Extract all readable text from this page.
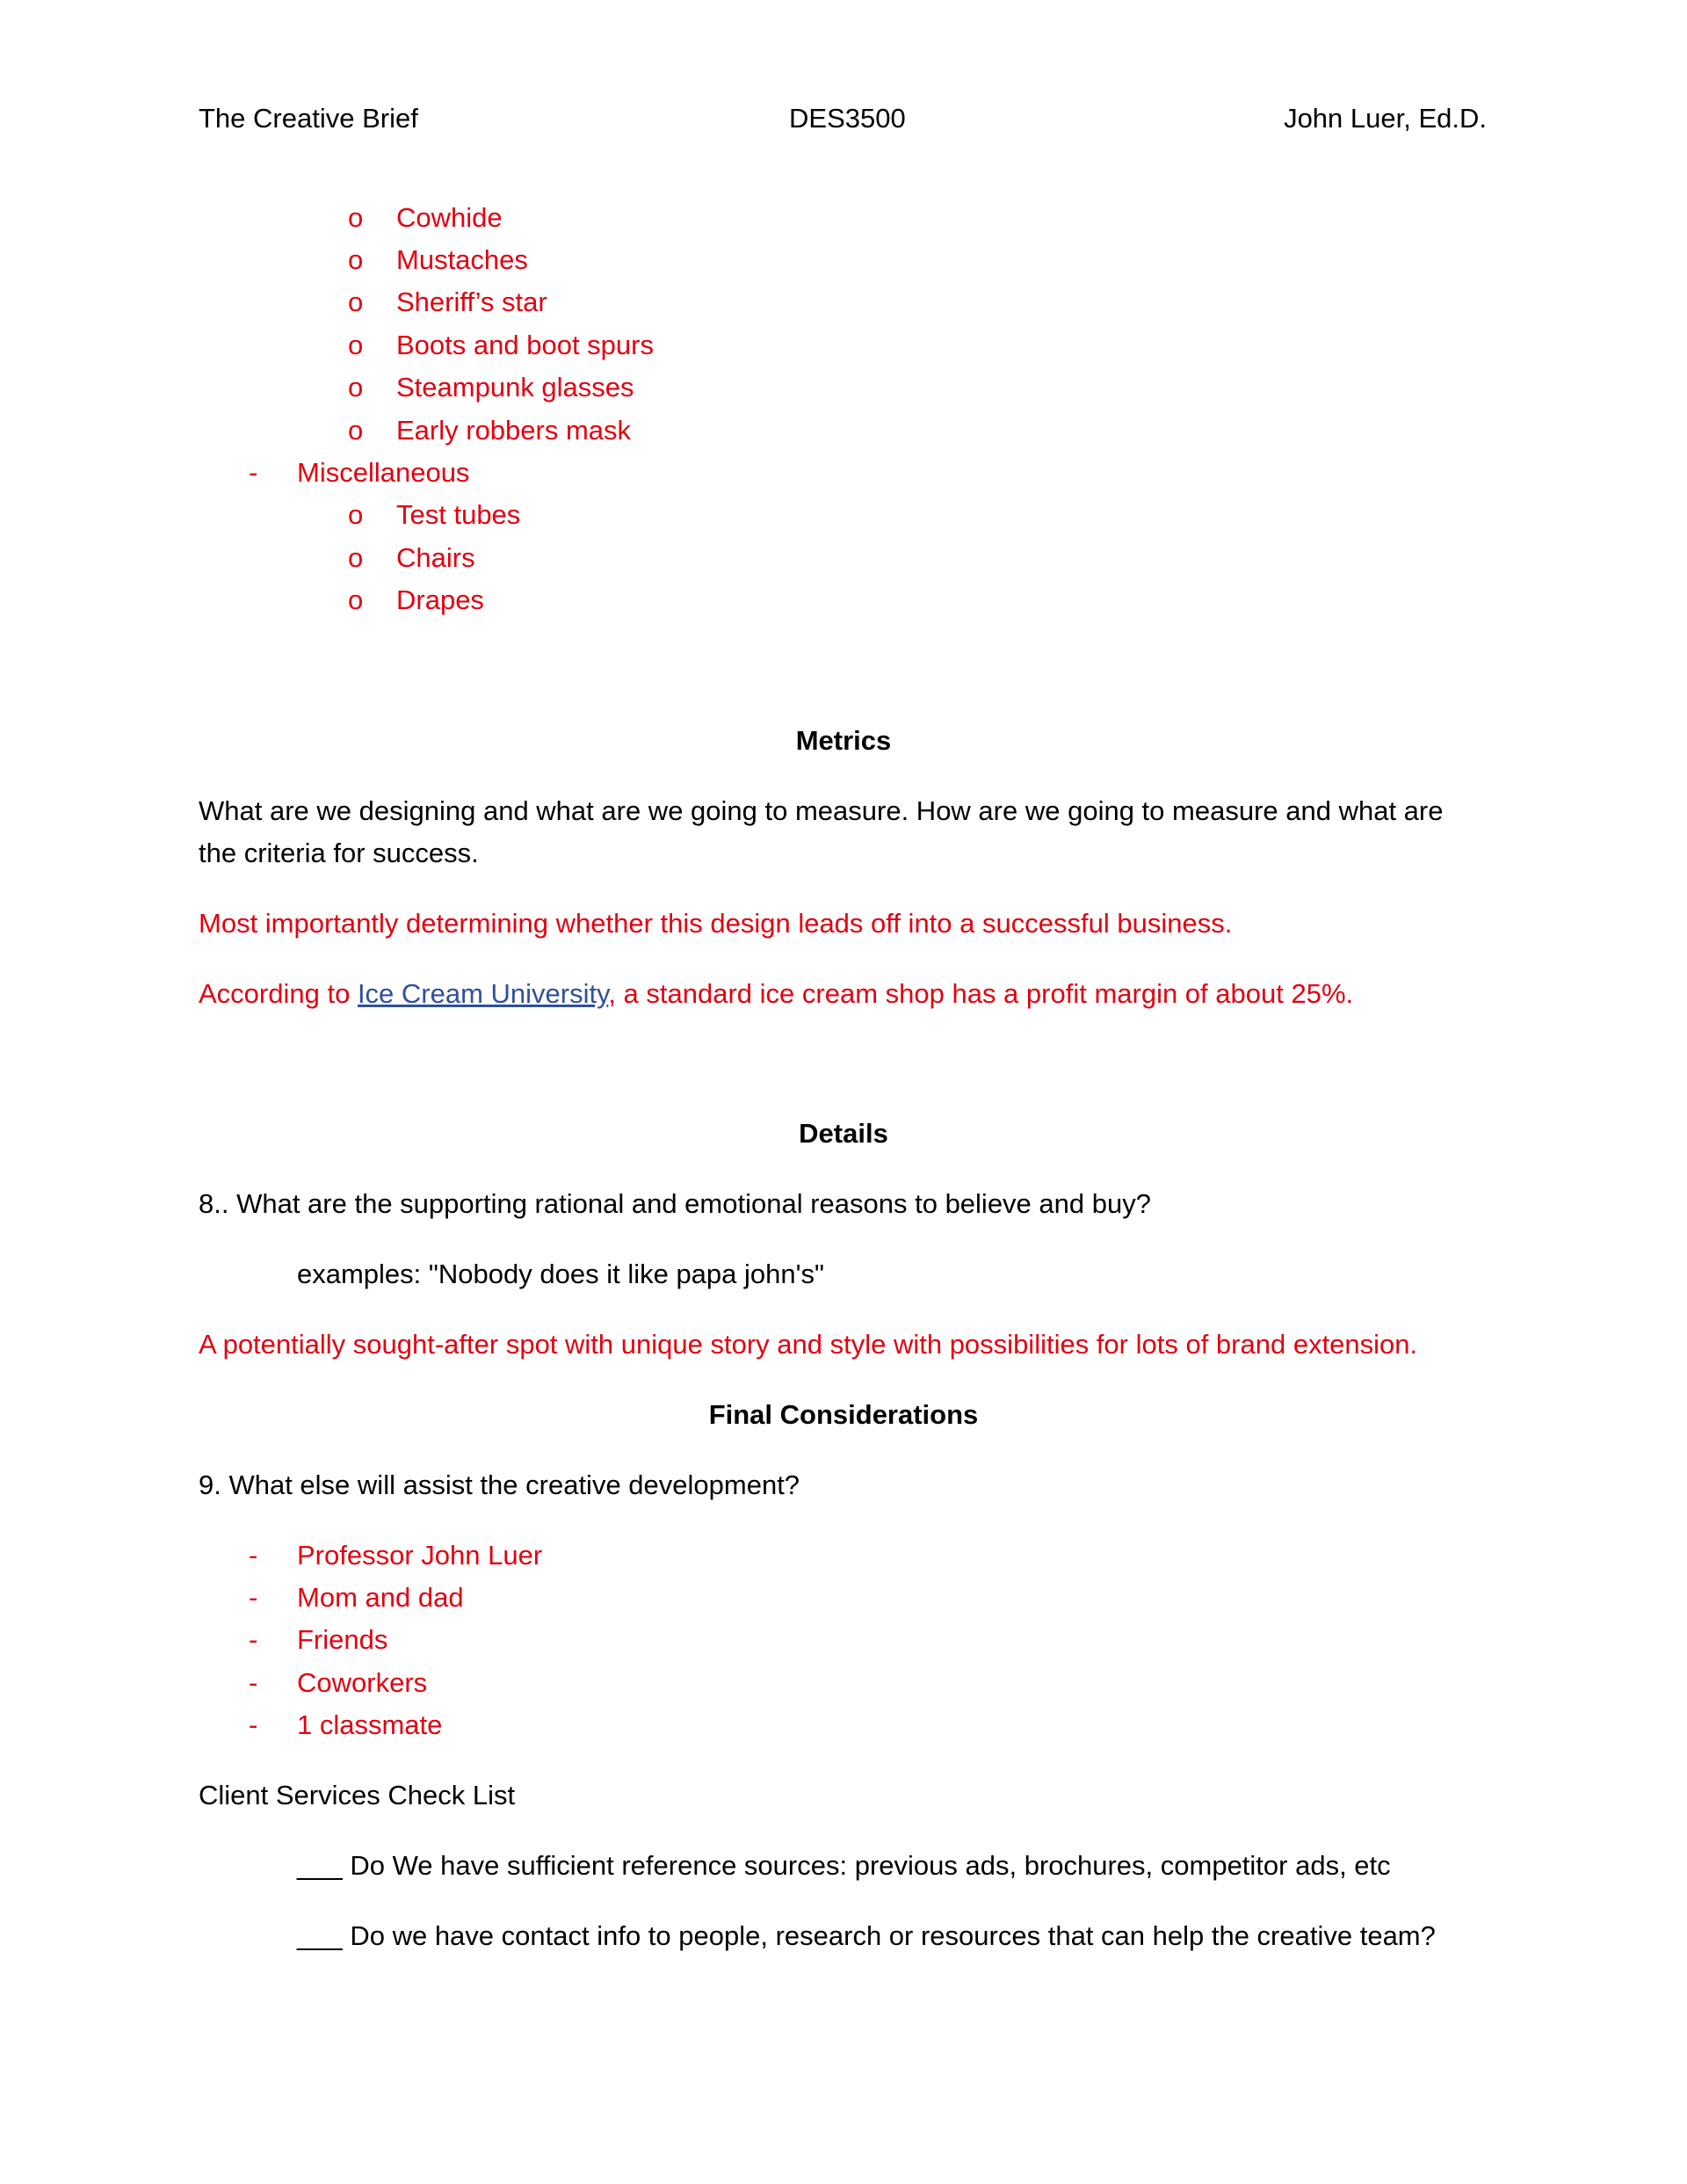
The Creative Brief	DES3500	John Luer, Ed.D.
o Cowhide
o Mustaches
o Sheriff’s star
o Boots and boot spurs
o Steampunk glasses
o Early robbers mask
- Miscellaneous
o Test tubes
o Chairs
o Drapes
Metrics
What are we designing and what are we going to measure. How are we going to measure and what are
the criteria for success.
Most importantly determining whether this design leads off into a successful business.
According to Ice Cream University, a standard ice cream shop has a profit margin of about 25%.
Details
8.. What are the supporting rational and emotional reasons to believe and buy?
examples: "Nobody does it like papa john's"
A potentially sought-after spot with unique story and style with possibilities for lots of brand extension.
Final Considerations
9. What else will assist the creative development?
- Professor John Luer
- Mom and dad
- Friends
- Coworkers
- 1 classmate
Client Services Check List
___ Do We have sufficient reference sources: previous ads, brochures, competitor ads, etc
___ Do we have contact info to people, research or resources that can help the creative team?
